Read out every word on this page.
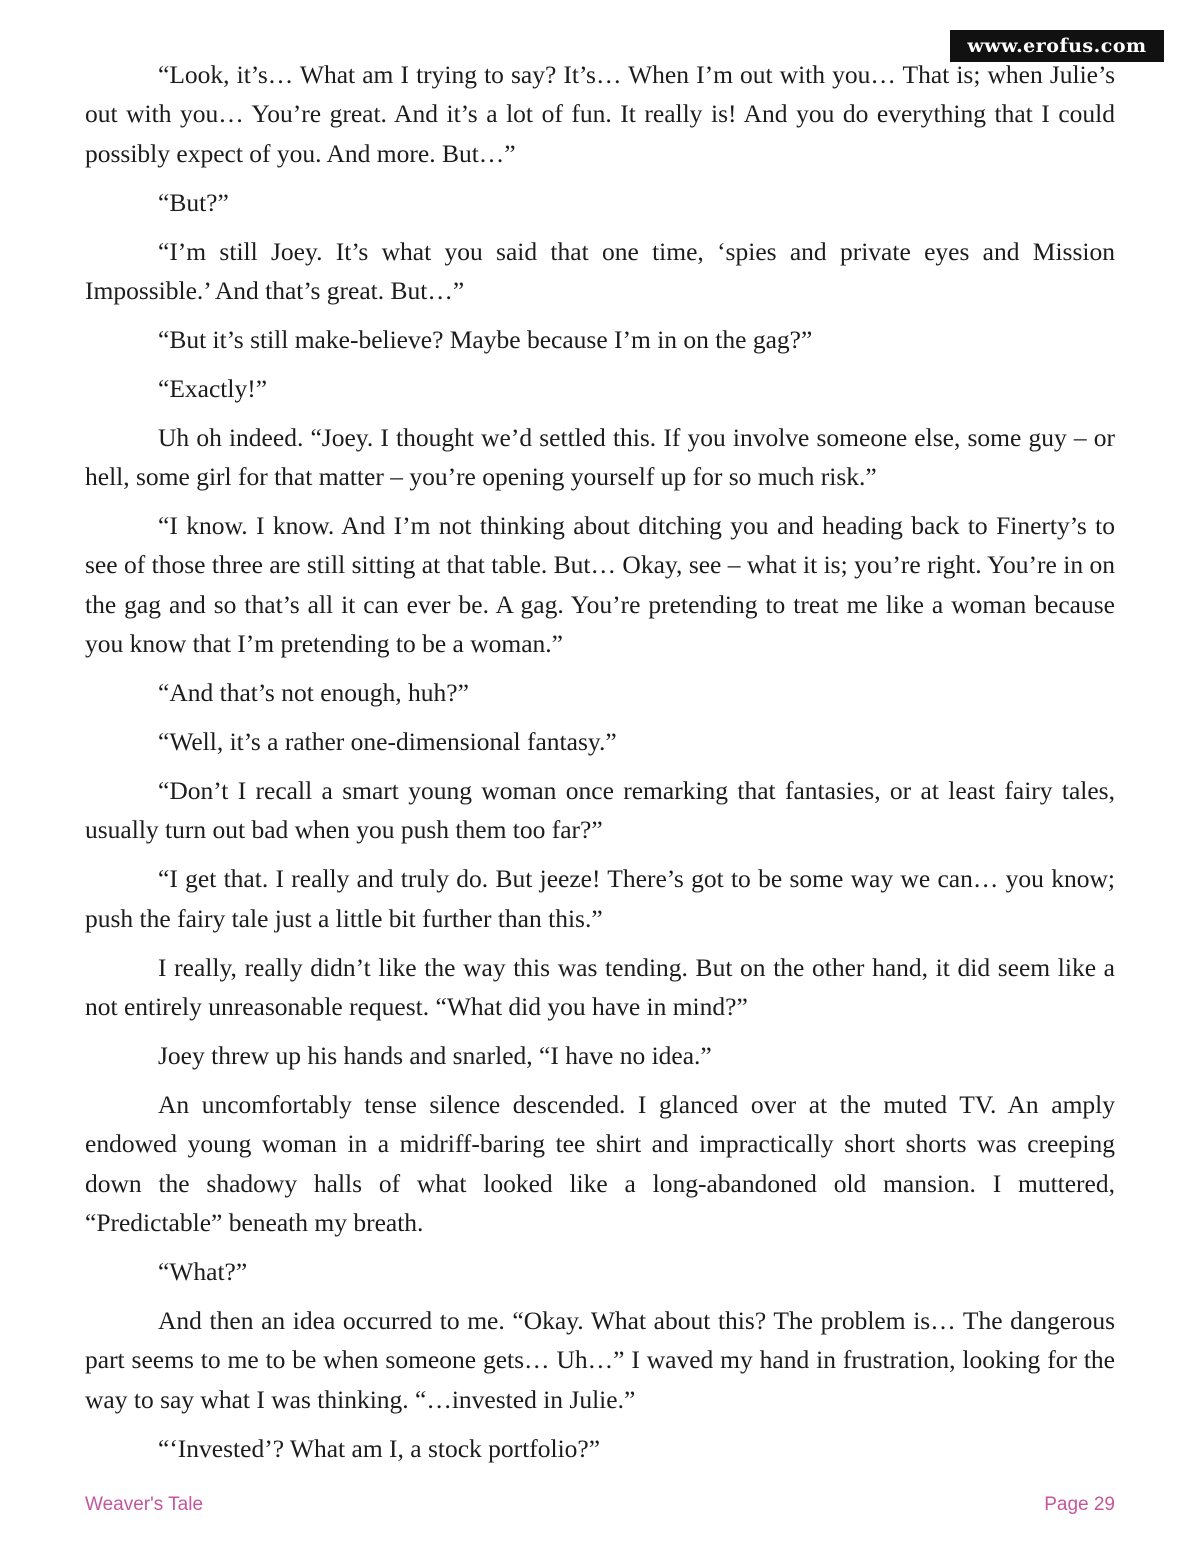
www.erofus.com

“Look, it’s… What am I trying to say? It’s… When I’m out with you… That is; when Julie’s out with you… You’re great. And it’s a lot of fun. It really is! And you do everything that I could possibly expect of you. And more. But…”

“But?”

“I’m still Joey. It’s what you said that one time, ‘spies and private eyes and Mission Impossible.’ And that’s great. But…”

“But it’s still make-believe? Maybe because I’m in on the gag?”

“Exactly!”

Uh oh indeed. “Joey. I thought we’d settled this. If you involve someone else, some guy – or hell, some girl for that matter – you’re opening yourself up for so much risk.”

“I know. I know. And I’m not thinking about ditching you and heading back to Finerty’s to see of those three are still sitting at that table. But… Okay, see – what it is; you’re right. You’re in on the gag and so that’s all it can ever be. A gag. You’re pretending to treat me like a woman because you know that I’m pretending to be a woman.”

“And that’s not enough, huh?”

“Well, it’s a rather one-dimensional fantasy.”

“Don’t I recall a smart young woman once remarking that fantasies, or at least fairy tales, usually turn out bad when you push them too far?”

“I get that. I really and truly do. But jeeze! There’s got to be some way we can… you know; push the fairy tale just a little bit further than this.”

I really, really didn’t like the way this was tending. But on the other hand, it did seem like a not entirely unreasonable request. “What did you have in mind?”

Joey threw up his hands and snarled, “I have no idea.”

An uncomfortably tense silence descended. I glanced over at the muted TV. An amply endowed young woman in a midriff-baring tee shirt and impractically short shorts was creeping down the shadowy halls of what looked like a long-abandoned old mansion. I muttered, “Predictable” beneath my breath.

“What?”

And then an idea occurred to me. “Okay. What about this? The problem is… The dangerous part seems to me to be when someone gets… Uh…” I waved my hand in frustration, looking for the way to say what I was thinking. “…invested in Julie.”

“‘Invested’? What am I, a stock portfolio?”

Weaver's Tale	Page 29
